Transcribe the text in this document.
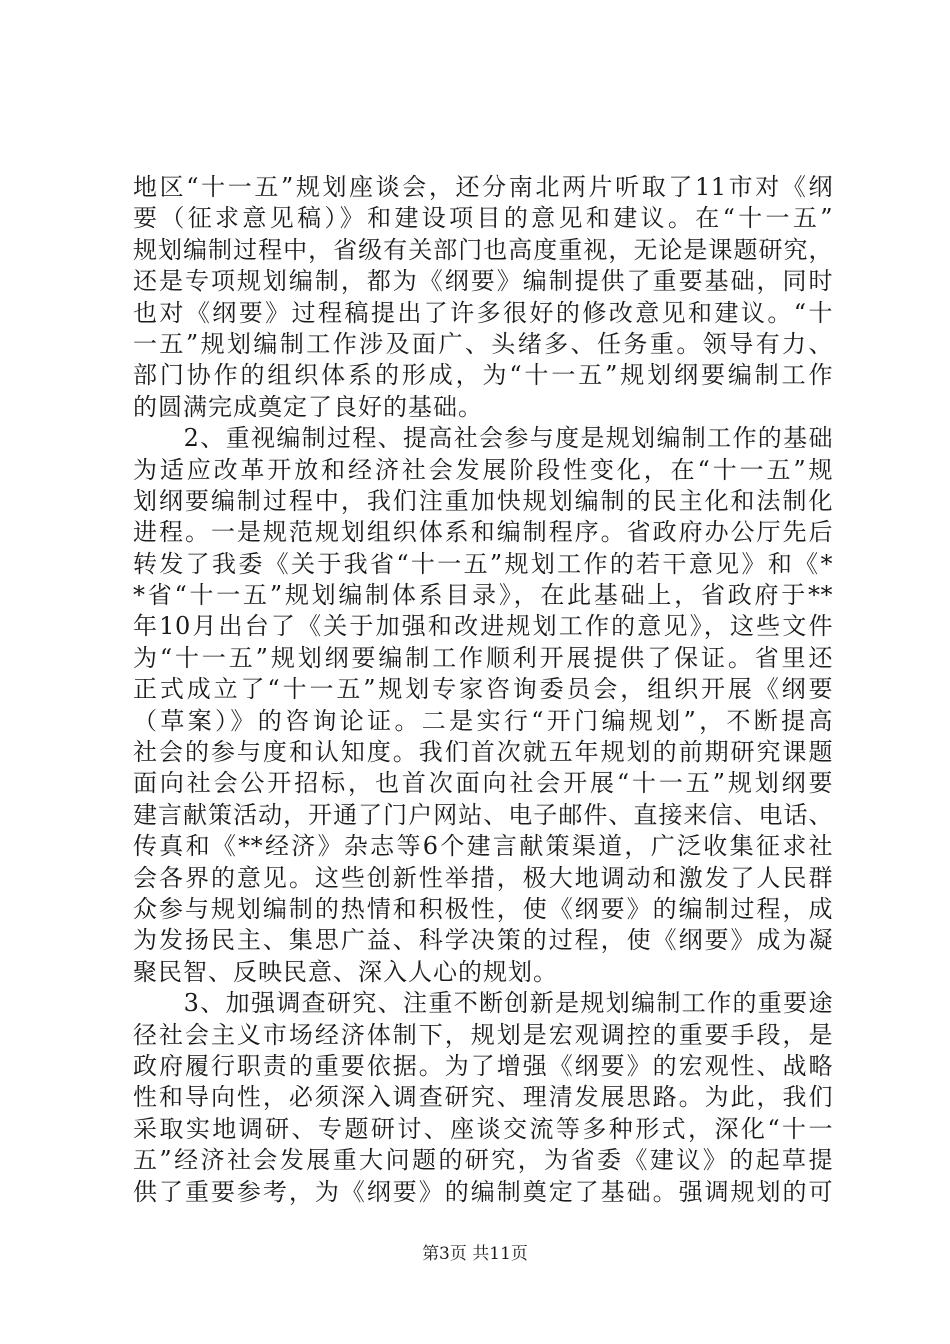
地区“十一五”规划座谈会，还分南北两片听取了11市对《纲
要（征求意见稿）》和建设项目的意见和建议。在“十一五”
规划编制过程中，省级有关部门也高度重视，无论是课题研究，
还是专项规划编制，都为《纲要》编制提供了重要基础，同时
也对《纲要》过程稿提出了许多很好的修改意见和建议。“十
一五”规划编制工作涉及面广、头绪多、任务重。领导有力、
部门协作的组织体系的形成，为“十一五”规划纲要编制工作
的圆满完成奠定了良好的基础。
　　2、重视编制过程、提高社会参与度是规划编制工作的基础
为适应改革开放和经济社会发展阶段性变化，在“十一五”规
划纲要编制过程中，我们注重加快规划编制的民主化和法制化
进程。一是规范规划组织体系和编制程序。省政府办公厅先后
转发了我委《关于我省“十一五”规划工作的若干意见》和《*
*省“十一五”规划编制体系目录》，在此基础上，省政府于**
年10月出台了《关于加强和改进规划工作的意见》，这些文件
为“十一五”规划纲要编制工作顺利开展提供了保证。省里还
正式成立了“十一五”规划专家咨询委员会，组织开展《纲要
（草案）》的咨询论证。二是实行“开门编规划”，不断提高
社会的参与度和认知度。我们首次就五年规划的前期研究课题
面向社会公开招标，也首次面向社会开展“十一五”规划纲要
建言献策活动，开通了门户网站、电子邮件、直接来信、电话、
传真和《**经济》杂志等6个建言献策渠道，广泛收集征求社
会各界的意见。这些创新性举措，极大地调动和激发了人民群
众参与规划编制的热情和积极性，使《纲要》的编制过程，成
为发扬民主、集思广益、科学决策的过程，使《纲要》成为凝
聚民智、反映民意、深入人心的规划。
　　3、加强调查研究、注重不断创新是规划编制工作的重要途
径社会主义市场经济体制下，规划是宏观调控的重要手段，是
政府履行职责的重要依据。为了增强《纲要》的宏观性、战略
性和导向性，必须深入调查研究、理清发展思路。为此，我们
采取实地调研、专题研讨、座谈交流等多种形式，深化“十一
五”经济社会发展重大问题的研究，为省委《建议》的起草提
供了重要参考，为《纲要》的编制奠定了基础。强调规划的可
第3页 共11页
